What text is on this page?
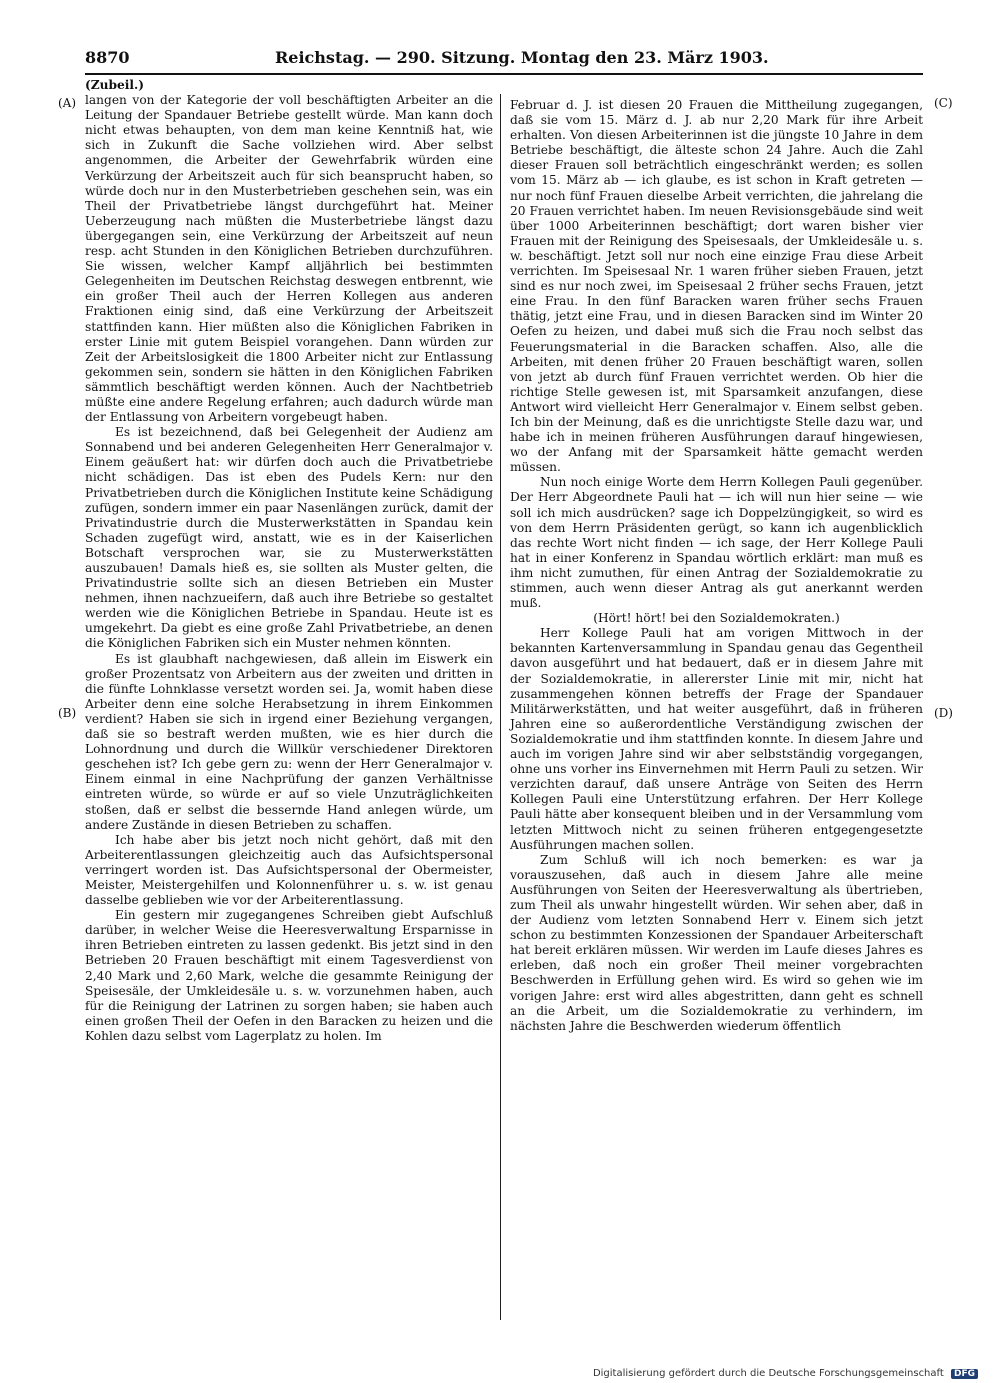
8870	Reichstag. — 290. Sitzung. Montag den 23. März 1903.
(A)
(B)
(C)
(D)

(Zubeil.)

langen von der Kategorie der voll beschäftigten Arbeiter an die Leitung der Spandauer Betriebe gestellt würde. Man kann doch nicht etwas behaupten, von dem man keine Kenntniß hat, wie sich in Zukunft die Sache vollziehen wird. Aber selbst angenommen, die Arbeiter der Gewehrfabrik würden eine Verkürzung der Arbeitszeit auch für sich beansprucht haben, so würde doch nur in den Musterbetrieben geschehen sein, was ein Theil der Privatbetriebe längst durchgeführt hat. Meiner Ueberzeugung nach müßten die Musterbetriebe längst dazu übergegangen sein, eine Verkürzung der Arbeitszeit auf neun resp. acht Stunden in den Königlichen Betrieben durchzuführen. Sie wissen, welcher Kampf alljährlich bei bestimmten Gelegenheiten im Deutschen Reichstag deswegen entbrennt, wie ein großer Theil auch der Herren Kollegen aus anderen Fraktionen einig sind, daß eine Verkürzung der Arbeitszeit stattfinden kann. Hier müßten also die Königlichen Fabriken in erster Linie mit gutem Beispiel vorangehen. Dann würden zur Zeit der Arbeitslosigkeit die 1800 Arbeiter nicht zur Entlassung gekommen sein, sondern sie hätten in den Königlichen Fabriken sämmtlich beschäftigt werden können. Auch der Nachtbetrieb müßte eine andere Regelung erfahren; auch dadurch würde man der Entlassung von Arbeitern vorgebeugt haben.

Es ist bezeichnend, daß bei Gelegenheit der Audienz am Sonnabend und bei anderen Gelegenheiten Herr Generalmajor v. Einem geäußert hat: wir dürfen doch auch die Privatbetriebe nicht schädigen. Das ist eben des Pudels Kern: nur den Privatbetrieben durch die Königlichen Institute keine Schädigung zufügen, sondern immer ein paar Nasenlängen zurück, damit der Privatindustrie durch die Musterwerkstätten in Spandau kein Schaden zugefügt wird, anstatt, wie es in der Kaiserlichen Botschaft versprochen war, sie zu Musterwerkstätten auszubauen! Damals hieß es, sie sollten als Muster gelten, die Privatindustrie sollte sich an diesen Betrieben ein Muster nehmen, ihnen nachzueifern, daß auch ihre Betriebe so gestaltet werden wie die Königlichen Betriebe in Spandau. Heute ist es umgekehrt. Da giebt es eine große Zahl Privatbetriebe, an denen die Königlichen Fabriken sich ein Muster nehmen könnten.

Es ist glaubhaft nachgewiesen, daß allein im Eiswerk ein großer Prozentsatz von Arbeitern aus der zweiten und dritten in die fünfte Lohnklasse versetzt worden sei. Ja, womit haben diese Arbeiter denn eine solche Herabsetzung in ihrem Einkommen verdient? Haben sie sich in irgend einer Beziehung vergangen, daß sie so bestraft werden mußten, wie es hier durch die Lohnordnung und durch die Willkür verschiedener Direktoren geschehen ist? Ich gebe gern zu: wenn der Herr Generalmajor v. Einem einmal in eine Nachprüfung der ganzen Verhältnisse eintreten würde, so würde er auf so viele Unzuträglichkeiten stoßen, daß er selbst die bessernde Hand anlegen würde, um andere Zustände in diesen Betrieben zu schaffen.

Ich habe aber bis jetzt noch nicht gehört, daß mit den Arbeiterentlassungen gleichzeitig auch das Aufsichtspersonal verringert worden ist. Das Aufsichtspersonal der Obermeister, Meister, Meistergehilfen und Kolonnenführer u. s. w. ist genau dasselbe geblieben wie vor der Arbeiterentlassung.

Ein gestern mir zugegangenes Schreiben giebt Aufschluß darüber, in welcher Weise die Heeresverwaltung Ersparnisse in ihren Betrieben eintreten zu lassen gedenkt. Bis jetzt sind in den Betrieben 20 Frauen beschäftigt mit einem Tagesverdienst von 2,40 Mark und 2,60 Mark, welche die gesammte Reinigung der Speisesäle, der Umkleidesäle u. s. w. vorzunehmen haben, auch für die Reinigung der Latrinen zu sorgen haben; sie haben auch einen großen Theil der Oefen in den Baracken zu heizen und die Kohlen dazu selbst vom Lagerplatz zu holen. Im

Februar d. J. ist diesen 20 Frauen die Mittheilung zugegangen, daß sie vom 15. März d. J. ab nur 2,20 Mark für ihre Arbeit erhalten. Von diesen Arbeiterinnen ist die jüngste 10 Jahre in dem Betriebe beschäftigt, die älteste schon 24 Jahre. Auch die Zahl dieser Frauen soll beträchtlich eingeschränkt werden; es sollen vom 15. März ab — ich glaube, es ist schon in Kraft getreten — nur noch fünf Frauen dieselbe Arbeit verrichten, die jahrelang die 20 Frauen verrichtet haben. Im neuen Revisionsgebäude sind weit über 1000 Arbeiterinnen beschäftigt; dort waren bisher vier Frauen mit der Reinigung des Speisesaals, der Umkleidesäle u. s. w. beschäftigt. Jetzt soll nur noch eine einzige Frau diese Arbeit verrichten. Im Speisesaal Nr. 1 waren früher sieben Frauen, jetzt sind es nur noch zwei, im Speisesaal 2 früher sechs Frauen, jetzt eine Frau. In den fünf Baracken waren früher sechs Frauen thätig, jetzt eine Frau, und in diesen Baracken sind im Winter 20 Oefen zu heizen, und dabei muß sich die Frau noch selbst das Feuerungsmaterial in die Baracken schaffen. Also, alle die Arbeiten, mit denen früher 20 Frauen beschäftigt waren, sollen von jetzt ab durch fünf Frauen verrichtet werden. Ob hier die richtige Stelle gewesen ist, mit Sparsamkeit anzufangen, diese Antwort wird vielleicht Herr Generalmajor v. Einem selbst geben. Ich bin der Meinung, daß es die unrichtigste Stelle dazu war, und habe ich in meinen früheren Ausführungen darauf hingewiesen, wo der Anfang mit der Sparsamkeit hätte gemacht werden müssen.

Nun noch einige Worte dem Herrn Kollegen Pauli gegenüber. Der Herr Abgeordnete Pauli hat — ich will nun hier seine — wie soll ich mich ausdrücken? sage ich Doppelzüngigkeit, so wird es von dem Herrn Präsidenten gerügt, so kann ich augenblicklich das rechte Wort nicht finden — ich sage, der Herr Kollege Pauli hat in einer Konferenz in Spandau wörtlich erklärt: man muß es ihm nicht zumuthen, für einen Antrag der Sozialdemokratie zu stimmen, auch wenn dieser Antrag als gut anerkannt werden muß.

(Hört! hört! bei den Sozialdemokraten.)

Herr Kollege Pauli hat am vorigen Mittwoch in der bekannten Kartenversammlung in Spandau genau das Gegentheil davon ausgeführt und hat bedauert, daß er in diesem Jahre mit der Sozialdemokratie, in allererster Linie mit mir, nicht hat zusammengehen können betreffs der Frage der Spandauer Militärwerkstätten, und hat weiter ausgeführt, daß in früheren Jahren eine so außerordentliche Verständigung zwischen der Sozialdemokratie und ihm stattfinden konnte. In diesem Jahre und auch im vorigen Jahre sind wir aber selbstständig vorgegangen, ohne uns vorher ins Einvernehmen mit Herrn Pauli zu setzen. Wir verzichten darauf, daß unsere Anträge von Seiten des Herrn Kollegen Pauli eine Unterstützung erfahren. Der Herr Kollege Pauli hätte aber konsequent bleiben und in der Versammlung vom letzten Mittwoch nicht zu seinen früheren entgegengesetzte Ausführungen machen sollen.

Zum Schluß will ich noch bemerken: es war ja vorauszusehen, daß auch in diesem Jahre alle meine Ausführungen von Seiten der Heeresverwaltung als übertrieben, zum Theil als unwahr hingestellt würden. Wir sehen aber, daß in der Audienz vom letzten Sonnabend Herr v. Einem sich jetzt schon zu bestimmten Konzessionen der Spandauer Arbeiterschaft hat bereit erklären müssen. Wir werden im Laufe dieses Jahres es erleben, daß noch ein großer Theil meiner vorgebrachten Beschwerden in Erfüllung gehen wird. Es wird so gehen wie im vorigen Jahre: erst wird alles abgestritten, dann geht es schnell an die Arbeit, um die Sozialdemokratie zu verhindern, im nächsten Jahre die Beschwerden wiederum öffentlich

Digitalisierung gefördert durch die Deutsche Forschungsgemeinschaft DFG
